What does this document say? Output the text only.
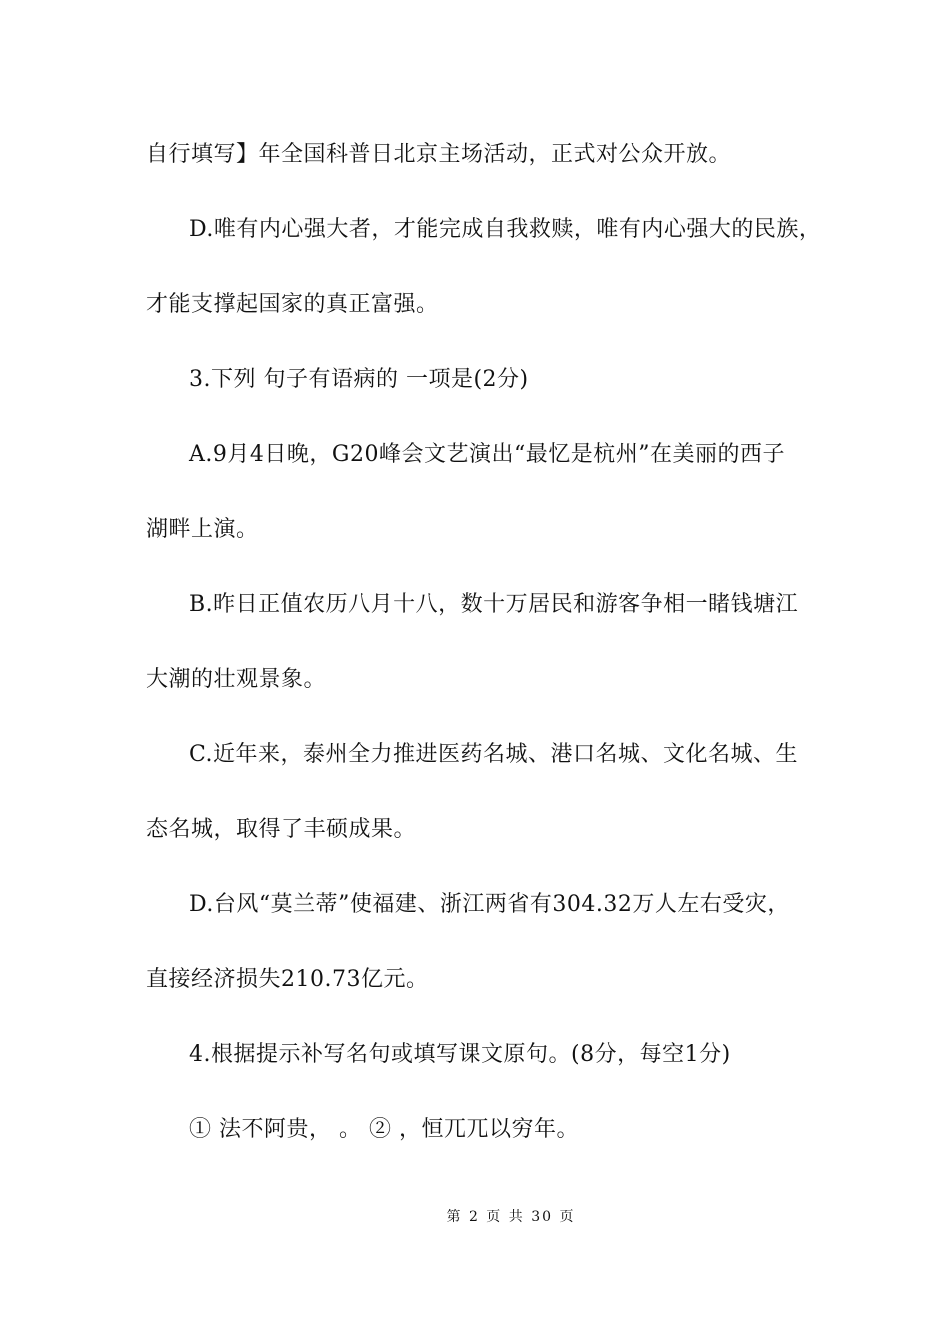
自行填写】年全国科普日北京主场活动，正式对公众开放。
D.唯有内心强大者，才能完成自我救赎，唯有内心强大的民族，
才能支撑起国家的真正富强。
3.下列 句子有语病的 一项是(2分)
A.9月4日晚，G20峰会文艺演出“最忆是杭州”在美丽的西子
湖畔上演。
B.昨日正值农历八月十八，数十万居民和游客争相一睹钱塘江
大潮的壮观景象。
C.近年来，泰州全力推进医药名城、港口名城、文化名城、生
态名城，取得了丰硕成果。
D.台风“莫兰蒂”使福建、浙江两省有304.32万人左右受灾，
直接经济损失210.73亿元。
4.根据提示补写名句或填写课文原句。(8分，每空1分)
① 法不阿贵， 。 ② ，恒兀兀以穷年。
第 2 页 共 30 页
